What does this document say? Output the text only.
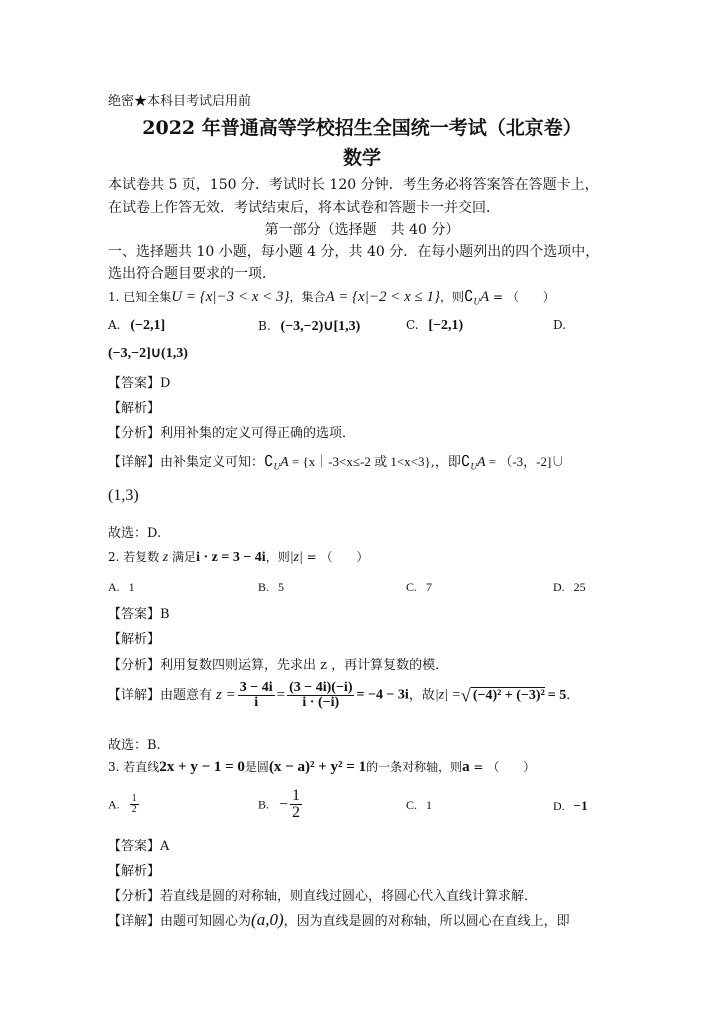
绝密★本科目考试启用前
2022 年普通高等学校招生全国统一考试（北京卷）
数学
本试卷共 5 页，150 分．考试时长 120 分钟．考生务必将答案答在答题卡上，
在试卷上作答无效．考试结束后，将本试卷和答题卡一并交回．
第一部分（选择题　共 40 分）
一、选择题共 10 小题，每小题 4 分，共 40 分．在每小题列出的四个选项中，
选出符合题目要求的一项．
1. 已知全集U = {x|−3 < x < 3}，集合A = {x|−2 < x ≤ 1}，则$∁_UA$ = （　　）
A. (−2,1]	B. (−3,−2)∪[1,3)	C. [−2,1)	D.
(−3,−2]∪(1,3)
【答案】D
【解析】
【分析】利用补集的定义可得正确的选项．
【详解】由补集定义可知：$∁_UA$ = {x｜-3<x≤-2 或 1<x<3},，即$∁_UA = (-3$，-2]∪
(1,3)
故选：D.
2. 若复数 z 满足i · z = 3 − 4i，则|z| = （　　）
A. 1	B. 5	C. 7	D. 25
【答案】B
【解析】
【分析】利用复数四则运算，先求出 z ，再计算复数的模．
【详解】由题意有 $z = \frac{3 - 4i}{i} = \frac{(3 - 4i)(-i)}{i \cdot (-i)} = -4 - 3i$，故|z| =√ (−4)² + (−3)² = 5．
故选：B.
3. 若直线2x + y − 1 = 0是圆(x − a)² + y² = 1的一条对称轴，则a = （　　）
A. $\frac{1}{2}$	B. − $\frac{1}{2}$	C. 1	D. −1
【答案】A
【解析】
【分析】若直线是圆的对称轴，则直线过圆心，将圆心代入直线计算求解．
【详解】由题可知圆心为(a,0)，因为直线是圆的对称轴，所以圆心在直线上，即
